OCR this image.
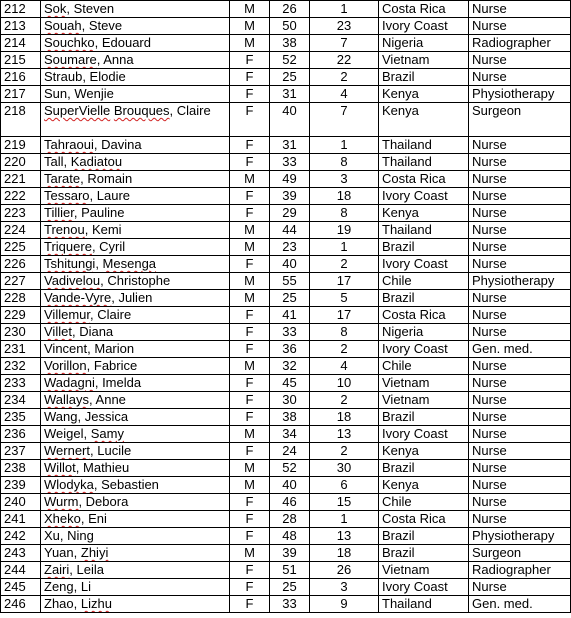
212	Sok, Steven	M	26	1	Costa Rica	Nurse
213	Souah, Steve	M	50	23	Ivory Coast	Nurse
214	Souchko, Edouard	M	38	7	Nigeria	Radiographer
215	Soumare, Anna	F	52	22	Vietnam	Nurse
216	Straub, Elodie	F	25	2	Brazil	Nurse
217	Sun, Wenjie	F	31	4	Kenya	Physiotherapy
218	SuperVielle Brouques, Claire	F	40	7	Kenya	Surgeon
219	Tahraoui, Davina	F	31	1	Thailand	Nurse
220	Tall, Kadiatou	F	33	8	Thailand	Nurse
221	Tarate, Romain	M	49	3	Costa Rica	Nurse
222	Tessaro, Laure	F	39	18	Ivory Coast	Nurse
223	Tillier, Pauline	F	29	8	Kenya	Nurse
224	Trenou, Kemi	M	44	19	Thailand	Nurse
225	Triquere, Cyril	M	23	1	Brazil	Nurse
226	Tshitungi, Mesenga	F	40	2	Ivory Coast	Nurse
227	Vadivelou, Christophe	M	55	17	Chile	Physiotherapy
228	Vande-Vyre, Julien	M	25	5	Brazil	Nurse
229	Villemur, Claire	F	41	17	Costa Rica	Nurse
230	Villet, Diana	F	33	8	Nigeria	Nurse
231	Vincent, Marion	F	36	2	Ivory Coast	Gen. med.
232	Vorillon, Fabrice	M	32	4	Chile	Nurse
233	Wadagni, Imelda	F	45	10	Vietnam	Nurse
234	Wallays, Anne	F	30	2	Vietnam	Nurse
235	Wang, Jessica	F	38	18	Brazil	Nurse
236	Weigel, Samy	M	34	13	Ivory Coast	Nurse
237	Wernert, Lucile	F	24	2	Kenya	Nurse
238	Willot, Mathieu	M	52	30	Brazil	Nurse
239	Wlodyka, Sebastien	M	40	6	Kenya	Nurse
240	Wurm, Debora	F	46	15	Chile	Nurse
241	Xheko, Eni	F	28	1	Costa Rica	Nurse
242	Xu, Ning	F	48	13	Brazil	Physiotherapy
243	Yuan, Zhiyi	M	39	18	Brazil	Surgeon
244	Zairi, Leila	F	51	26	Vietnam	Radiographer
245	Zeng, Li	F	25	3	Ivory Coast	Nurse
246	Zhao, Lizhu	F	33	9	Thailand	Gen. med.
